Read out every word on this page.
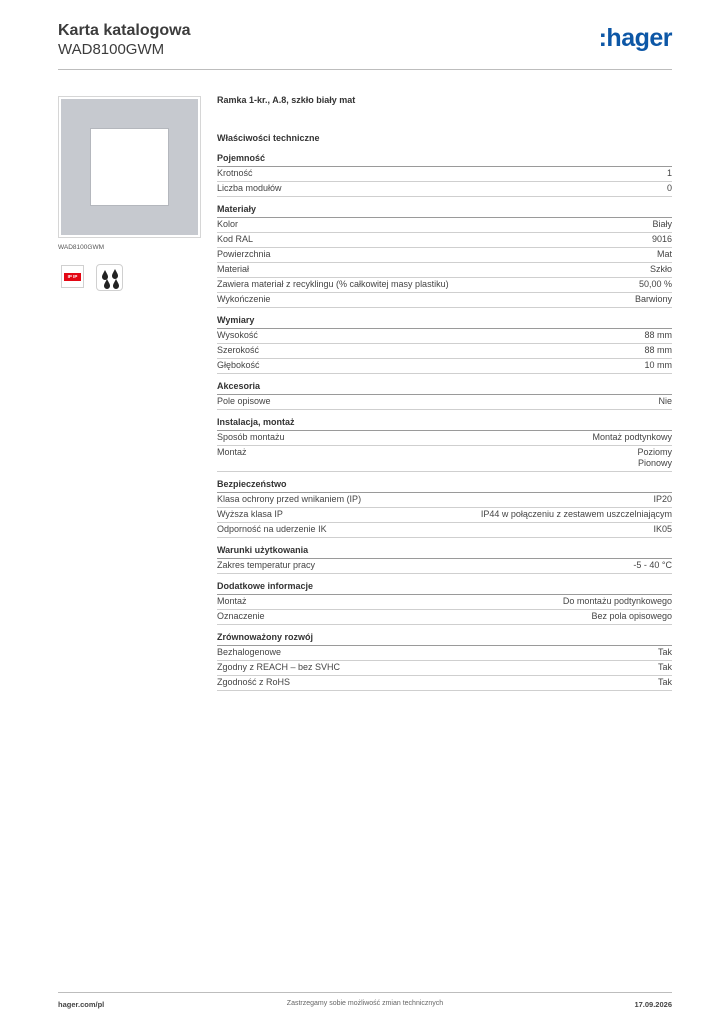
Karta katalogowa
WAD8100GWM	:hager
WAD8100GWM
IP IP
Ramka 1-kr., A.8, szkło biały mat
Właściwości techniczne
Pojemność
Krotność	1
Liczba modułów	0
Materiały
Kolor	Biały
Kod RAL	9016
Powierzchnia	Mat
Materiał	Szkło
Zawiera materiał z recyklingu (% całkowitej masy plastiku)	50,00 %
Wykończenie	Barwiony
Wymiary
Wysokość	88 mm
Szerokość	88 mm
Głębokość	10 mm
Akcesoria
Pole opisowe	Nie
Instalacja, montaż
Sposób montażu	Montaż podtynkowy
Montaż	Poziomy
Pionowy
Bezpieczeństwo
Klasa ochrony przed wnikaniem (IP)	IP20
Wyższa klasa IP	IP44 w połączeniu z zestawem uszczelniającym
Odporność na uderzenie IK	IK05
Warunki użytkowania
Zakres temperatur pracy	-5 - 40 °C
Dodatkowe informacje
Montaż	Do montażu podtynkowego
Oznaczenie	Bez pola opisowego
Zrównoważony rozwój
Bezhalogenowe	Tak
Zgodny z REACH – bez SVHC	Tak
Zgodność z RoHS	Tak
hager.com/pl	Zastrzegamy sobie możliwość zmian technicznych	17.09.2026
